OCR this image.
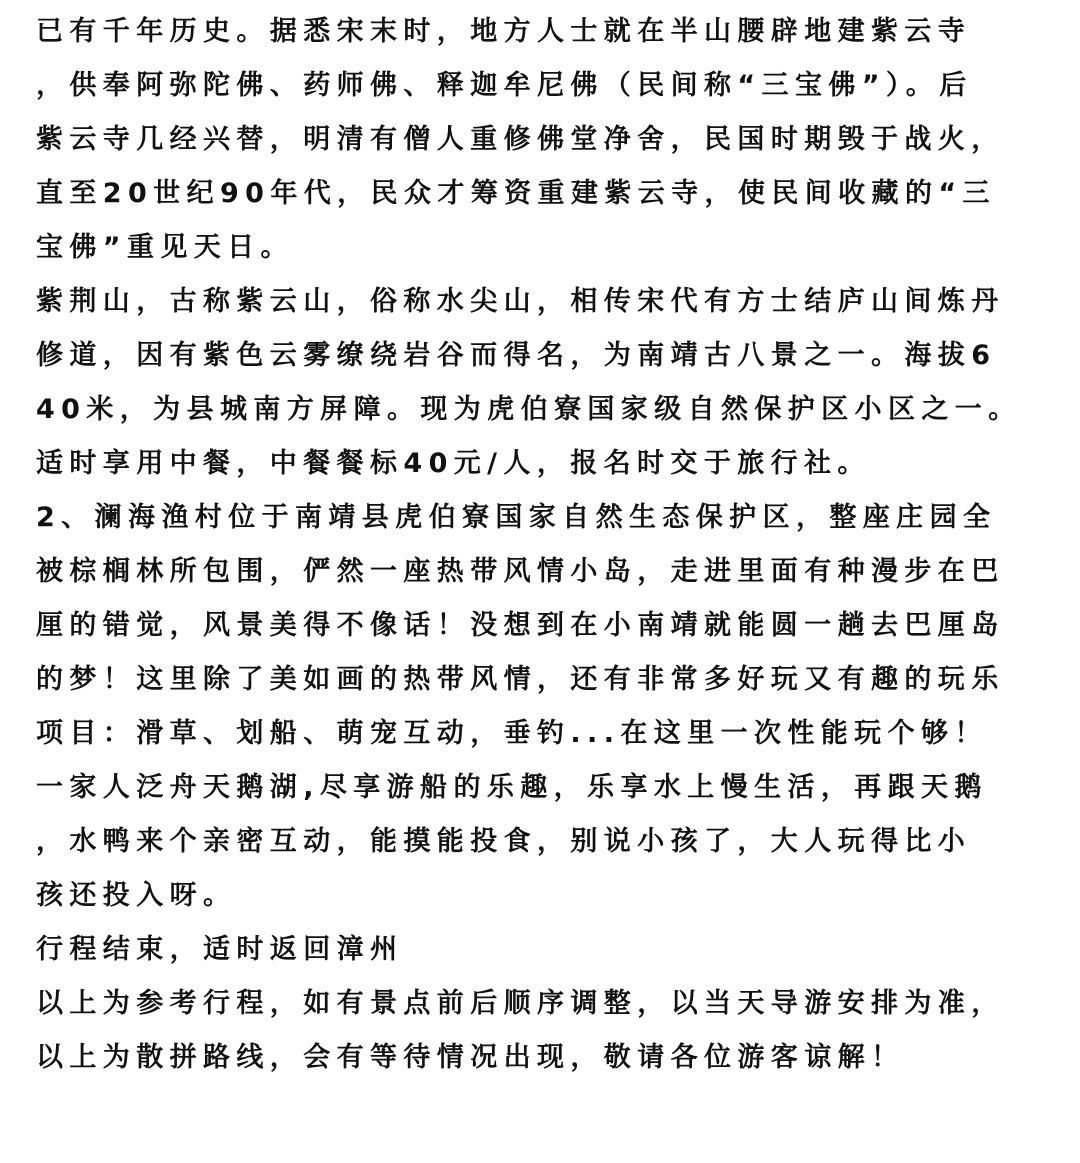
已有千年历史。据悉宋末时，地方人士就在半山腰辟地建紫云寺
，供奉阿弥陀佛、药师佛、释迦牟尼佛（民间称“三宝佛”）。后
紫云寺几经兴替，明清有僧人重修佛堂净舍，民国时期毁于战火，
直至20世纪90年代，民众才筹资重建紫云寺，使民间收藏的“三
宝佛”重见天日。
紫荆山，古称紫云山，俗称水尖山，相传宋代有方士结庐山间炼丹
修道，因有紫色云雾缭绕岩谷而得名，为南靖古八景之一。海拔6
40米，为县城南方屏障。现为虎伯寮国家级自然保护区小区之一。
适时享用中餐，中餐餐标40元/人，报名时交于旅行社。
2、澜海渔村位于南靖县虎伯寮国家自然生态保护区，整座庄园全
被棕榈林所包围，俨然一座热带风情小岛，走进里面有种漫步在巴
厘的错觉，风景美得不像话！没想到在小南靖就能圆一趟去巴厘岛
的梦！这里除了美如画的热带风情，还有非常多好玩又有趣的玩乐
项目：滑草、划船、萌宠互动，垂钓...在这里一次性能玩个够！
一家人泛舟天鹅湖,尽享游船的乐趣，乐享水上慢生活，再跟天鹅
，水鸭来个亲密互动，能摸能投食，别说小孩了，大人玩得比小
孩还投入呀。
行程结束，适时返回漳州
以上为参考行程，如有景点前后顺序调整，以当天导游安排为准，
以上为散拼路线，会有等待情况出现，敬请各位游客谅解！
